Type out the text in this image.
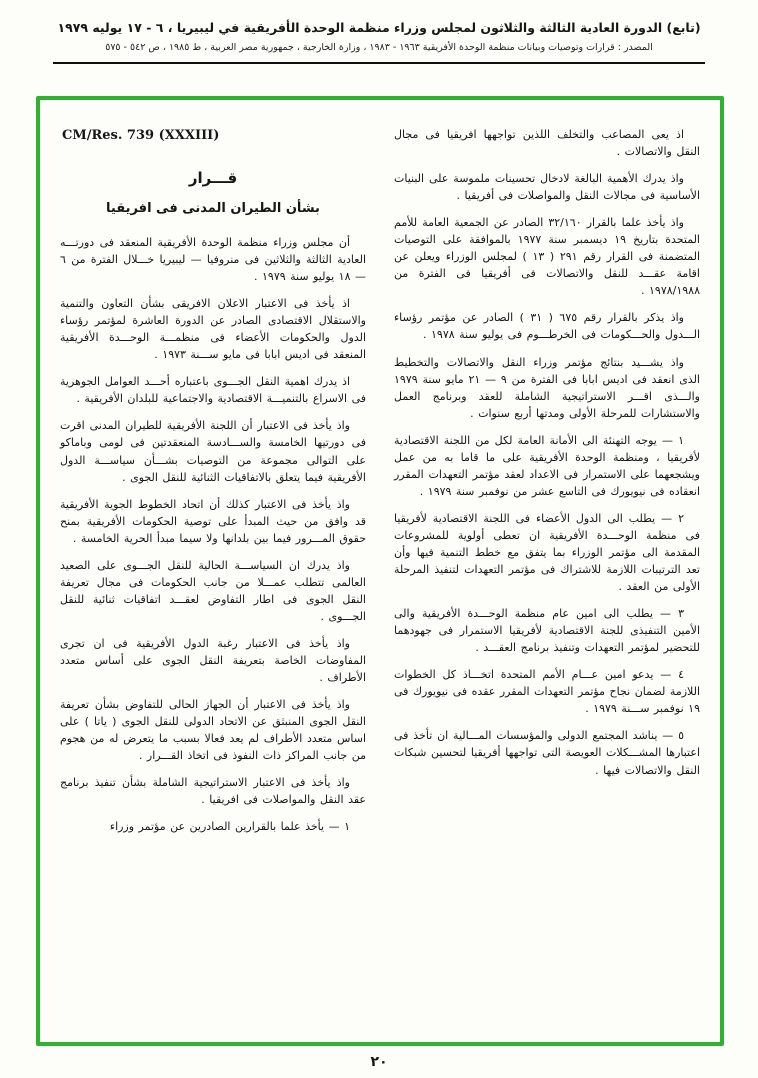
(تابع) الدورة العادية الثالثة والثلاثون لمجلس وزراء منظمة الوحدة الأفريقية في ليبيريا ، ٦ - ١٧ يوليه ١٩٧٩
المصدر : قرارات وتوصيات وبيانات منظمة الوحدة الأفريقية ١٩٦٣ - ١٩٨٣ ، وزارة الخارجية ، جمهورية مصر العربية ، ط ١٩٨٥ ، ص ٥٤٢ - ٥٧٥
CM/Res. 739 (XXXIII)
قـــرار
بشأن الطيران المدنى فى افريقيا

أن مجلس وزراء منظمة الوحدة الأفريقية المنعقد فى دورتـــه العادية الثالثة والثلاثين فى منروفيا — ليبيريا خـــلال الفترة من ٦ — ١٨ يوليو سنة ١٩٧٩ .

اذ يأخذ فى الاعتبار الاعلان الافريقى بشأن التعاون والتنمية والاستقلال الاقتصادى الصادر عن الدورة العاشرة لمؤتمر رؤساء الدول والحكومات الأعضاء فى منظمـــة الوحـــدة الأفريقية المنعقد فى اديس ابابا فى مايو ســـنة ١٩٧٣ .

اذ يدرك اهمية النقل الجـــوى باعتباره أحـــد العوامل الجوهرية فى الاسراع بالتنميـــة الاقتصادية والاجتماعية للبلدان الأفريقية .

واذ يأخذ فى الاعتبار أن اللجنة الأفريقية للطيران المدنى اقرت فى دورتيها الخامسة والســـادسة المنعقدتين فى لومى وباماكو على التوالى مجموعة من التوصيات بشـــأن سياســـة الدول الأفريقية فيما يتعلق بالاتفاقيات الثنائية للنقل الجوى .

واذ يأخذ فى الاعتبار كذلك أن اتحاد الخطوط الجوية الأفريقية قد وافق من حيث المبدأ على توصية الحكومات الأفريقية بمنح حقوق المـــرور فيما بين بلدانها ولا سيما مبدأ الحرية الخامسة .

واذ يدرك ان السياســـة الحالية للنقل الجـــوى على الصعيد العالمى تتطلب عمـــلا من جانب الحكومات فى مجال تعريفة النقل الجوى فى اطار التفاوض لعقـــد اتفاقيات ثنائية للنقل الجـــوى .

واذ يأخذ فى الاعتبار رغبة الدول الأفريقية فى ان تجرى المفاوضات الخاصة بتعريفة النقل الجوى على أساس متعدد الأطراف .

واذ يأخذ فى الاعتبار أن الجهاز الحالى للتفاوض بشأن تعريفة النقل الجوى المنبثق عن الاتحاد الدولى للنقل الجوى ( ياتا ) على اساس متعدد الأطراف لم يعد فعالا بسبب ما يتعرض له من هجوم من جانب المراكز ذات النفوذ فى اتخاذ القـــرار .

واذ يأخذ فى الاعتبار الاستراتيجية الشاملة بشأن تنفيذ برنامج عقد النقل والمواصلات فى افريقيا .

١ — يأخذ علما بالقرارين الصادرين عن مؤتمر وزراء

اذ يعى المصاعب والتخلف اللذين تواجهها افريقيا فى مجال النقل والاتصالات .

واذ يدرك الأهمية البالغة لادخال تحسينات ملموسة على البنيات الأساسية فى مجالات النقل والمواصلات فى أفريقيا .

واذ يأخذ علما بالقرار ٣٢/١٦٠ الصادر عن الجمعية العامة للأمم المتحدة بتاريخ ١٩ ديسمبر سنة ١٩٧٧ بالموافقة على التوصيات المتضمنة فى القرار رقم ٢٩١ ( ١٣ ) لمجلس الوزراء ويعلن عن اقامة عقـــد للنقل والاتصالات فى أفريقيا فى الفترة من ١٩٧٨/١٩٨٨ .

واذ يذكر بالقرار رقم ٦٧٥ ( ٣١ ) الصادر عن مؤتمر رؤساء الـــدول والحـــكومات فى الخرطـــوم فى يوليو سنة ١٩٧٨ .

واذ يشـــيد بنتائج مؤتمر وزراء النقل والاتصالات والتخطيط الذى انعقد فى اديس ابابا فى الفترة من ٩ — ٢١ مايو سنة ١٩٧٩ والـــذى اقـــر الاستراتيجية الشاملة للعقد وبرنامج العمل والاستشارات للمرحلة الأولى ومدتها أربع سنوات .

١ — يوجه التهنئة الى الأمانة العامة لكل من اللجنة الاقتصادية لأفريقيا ، ومنظمة الوحدة الأفريقية على ما قاما به من عمل ويشجعهما على الاستمرار فى الاعداد لعقد مؤتمر التعهدات المقرر انعقاده فى نيويورك فى التاسع عشر من نوفمبر سنة ١٩٧٩ .

٢ — يطلب الى الدول الأعضاء فى اللجنة الاقتصادية لأفريقيا فى منظمة الوحـــدة الأفريقية ان تعطى أولوية للمشروعات المقدمة الى مؤتمر الوزراء بما يتفق مع خطط التنمية فيها وأن تعد الترتيبات اللازمة للاشتراك فى مؤتمر التعهدات لتنفيذ المرحلة الأولى من العقد .

٣ — يطلب الى امين عام منظمة الوحـــدة الأفريقية والى الأمين التنفيذى للجنة الاقتصادية لأفريقيا الاستمرار فى جهودهما للتحضير لمؤتمر التعهدات وتنفيذ برنامج العقـــد .

٤ — يدعو امين عـــام الأمم المتحدة اتخـــاذ كل الخطوات اللازمة لضمان نجاح مؤتمر التعهدات المقرر عقده فى نيويورك فى ١٩ نوفمبر ســـنة ١٩٧٩ .

٥ — يناشد المجتمع الدولى والمؤسسات المـــالية ان تأخذ فى اعتبارها المشـــكلات العويصة التى تواجهها أفريقيا لتحسين شبكات النقل والاتصالات فيها .

٢٠
